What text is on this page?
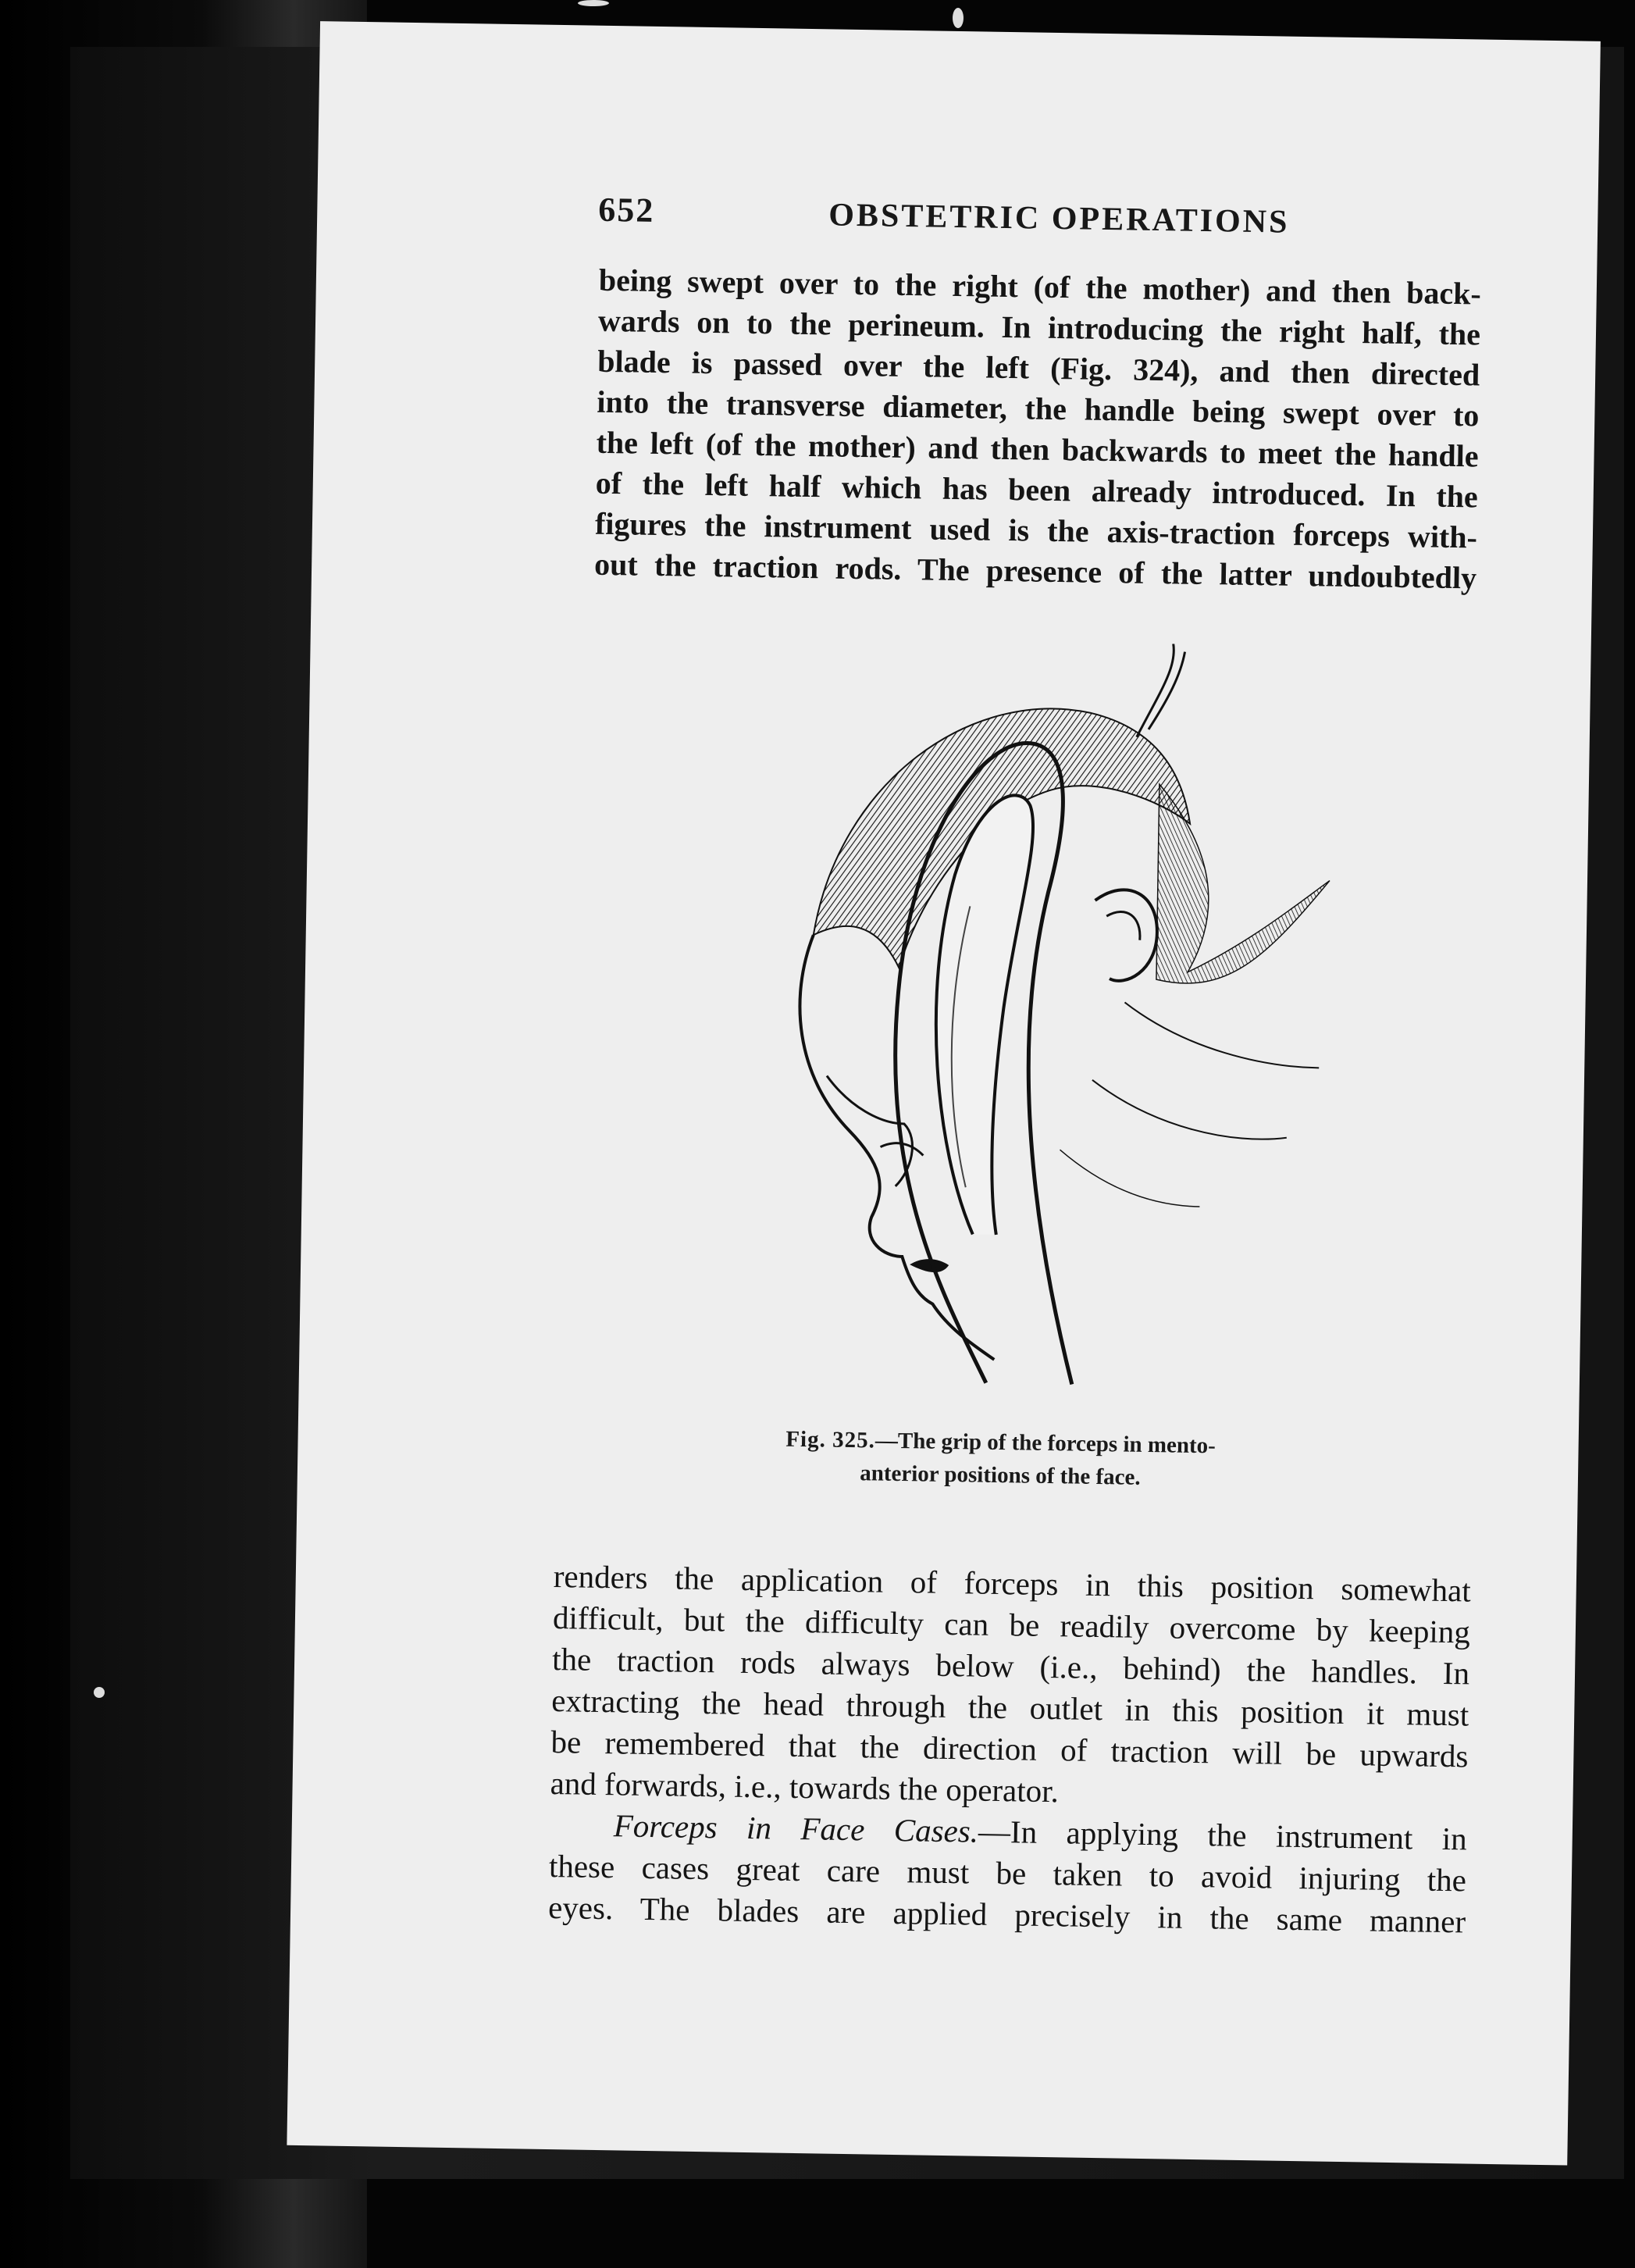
652	OBSTETRIC OPERATIONS
being swept over to the right (of the mother) and then back-
wards on to the perineum. In introducing the right half, the
blade is passed over the left (Fig. 324), and then directed
into the transverse diameter, the handle being swept over to
the left (of the mother) and then backwards to meet the handle
of the left half which has been already introduced. In the
figures the instrument used is the axis-traction forceps with-
out the traction rods. The presence of the latter undoubtedly
Fig. 325.—The grip of the forceps in mento-
anterior positions of the face.
renders the application of forceps in this position somewhat
difficult, but the difficulty can be readily overcome by keeping
the traction rods always below (i.e., behind) the handles. In
extracting the head through the outlet in this position it must
be remembered that the direction of traction will be upwards
and forwards, i.e., towards the operator.
  Forceps in Face Cases.—In applying the instrument in
these cases great care must be taken to avoid injuring the
eyes. The blades are applied precisely in the same manner
